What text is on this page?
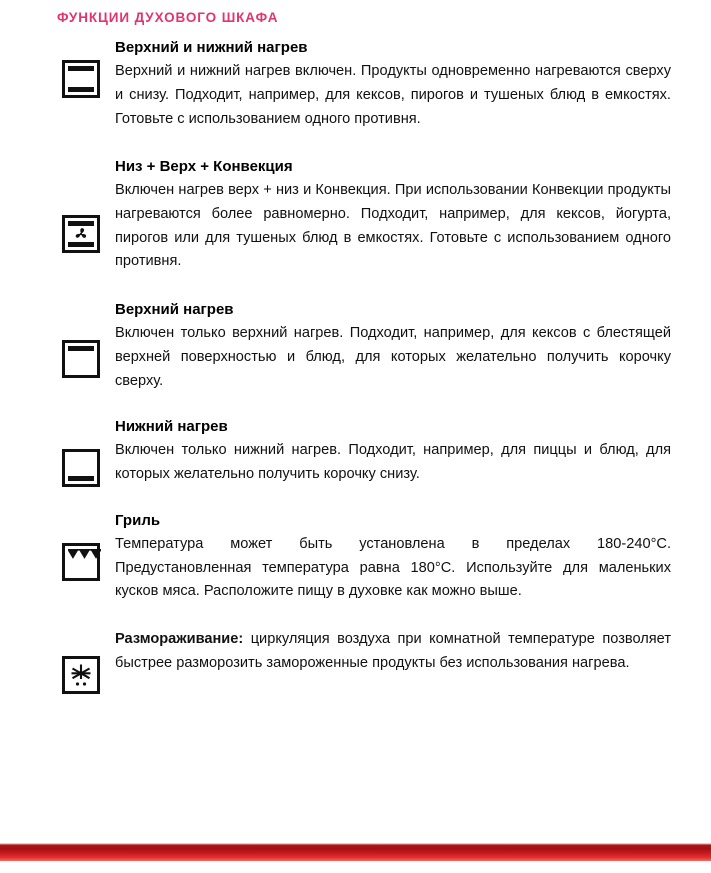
ФУНКЦИИ ДУХОВОГО ШКАФА
Верхний и нижний нагрев
Верхний и нижний нагрев включен. Продукты одновременно нагреваются сверху и снизу. Подходит, например, для кексов, пирогов и тушеных блюд в емкостях. Готовьте с использованием одного противня.
Низ + Верх + Конвекция
Включен нагрев верх + низ и Конвекция. При использовании Конвекции продукты нагреваются более равномерно. Подходит, например, для кексов, йогурта, пирогов или для тушеных блюд в емкостях. Готовьте с использованием одного противня.
Верхний нагрев
Включен только верхний нагрев. Подходит, например, для кексов с блестящей верхней поверхностью и блюд, для которых желательно получить корочку сверху.
Нижний нагрев
Включен только нижний нагрев. Подходит, например, для пиццы и блюд, для которых желательно получить корочку снизу.
Гриль
Температура может быть установлена в пределах 180-240°C. Предустановленная температура равна 180°C. Используйте для маленьких кусков мяса. Расположите пищу в духовке как можно выше.
Размораживание: циркуляция воздуха при комнатной температуре позволяет быстрее разморозить замороженные продукты без использования нагрева.
